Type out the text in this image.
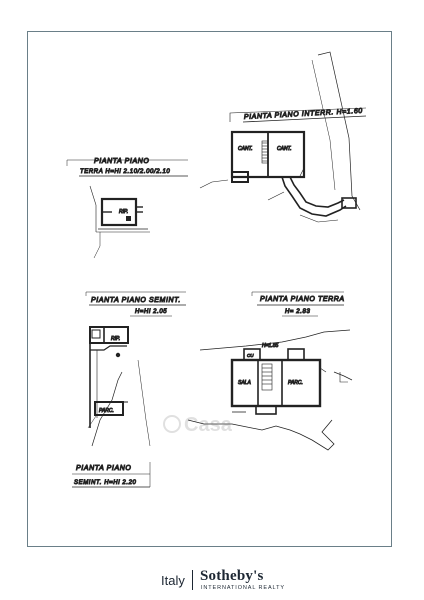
PIANTA PIANO INTERR. H=1.60
CANT.	CANT.
PIANTA PIANO
TERRA H=Hl 2.10/2.00/2.10
RIP.
PIANTA PIANO SEMINT.
H=Hl 2.05
RIP.
PARC.
PIANTA PIANO
SEMINT. H=Hl 2.20
PIANTA PIANO TERRA
H= 2.83
H=1.85
CU
SALA	PARC.
Casa
Italy Sotheby's
INTERNATIONAL REALTY
